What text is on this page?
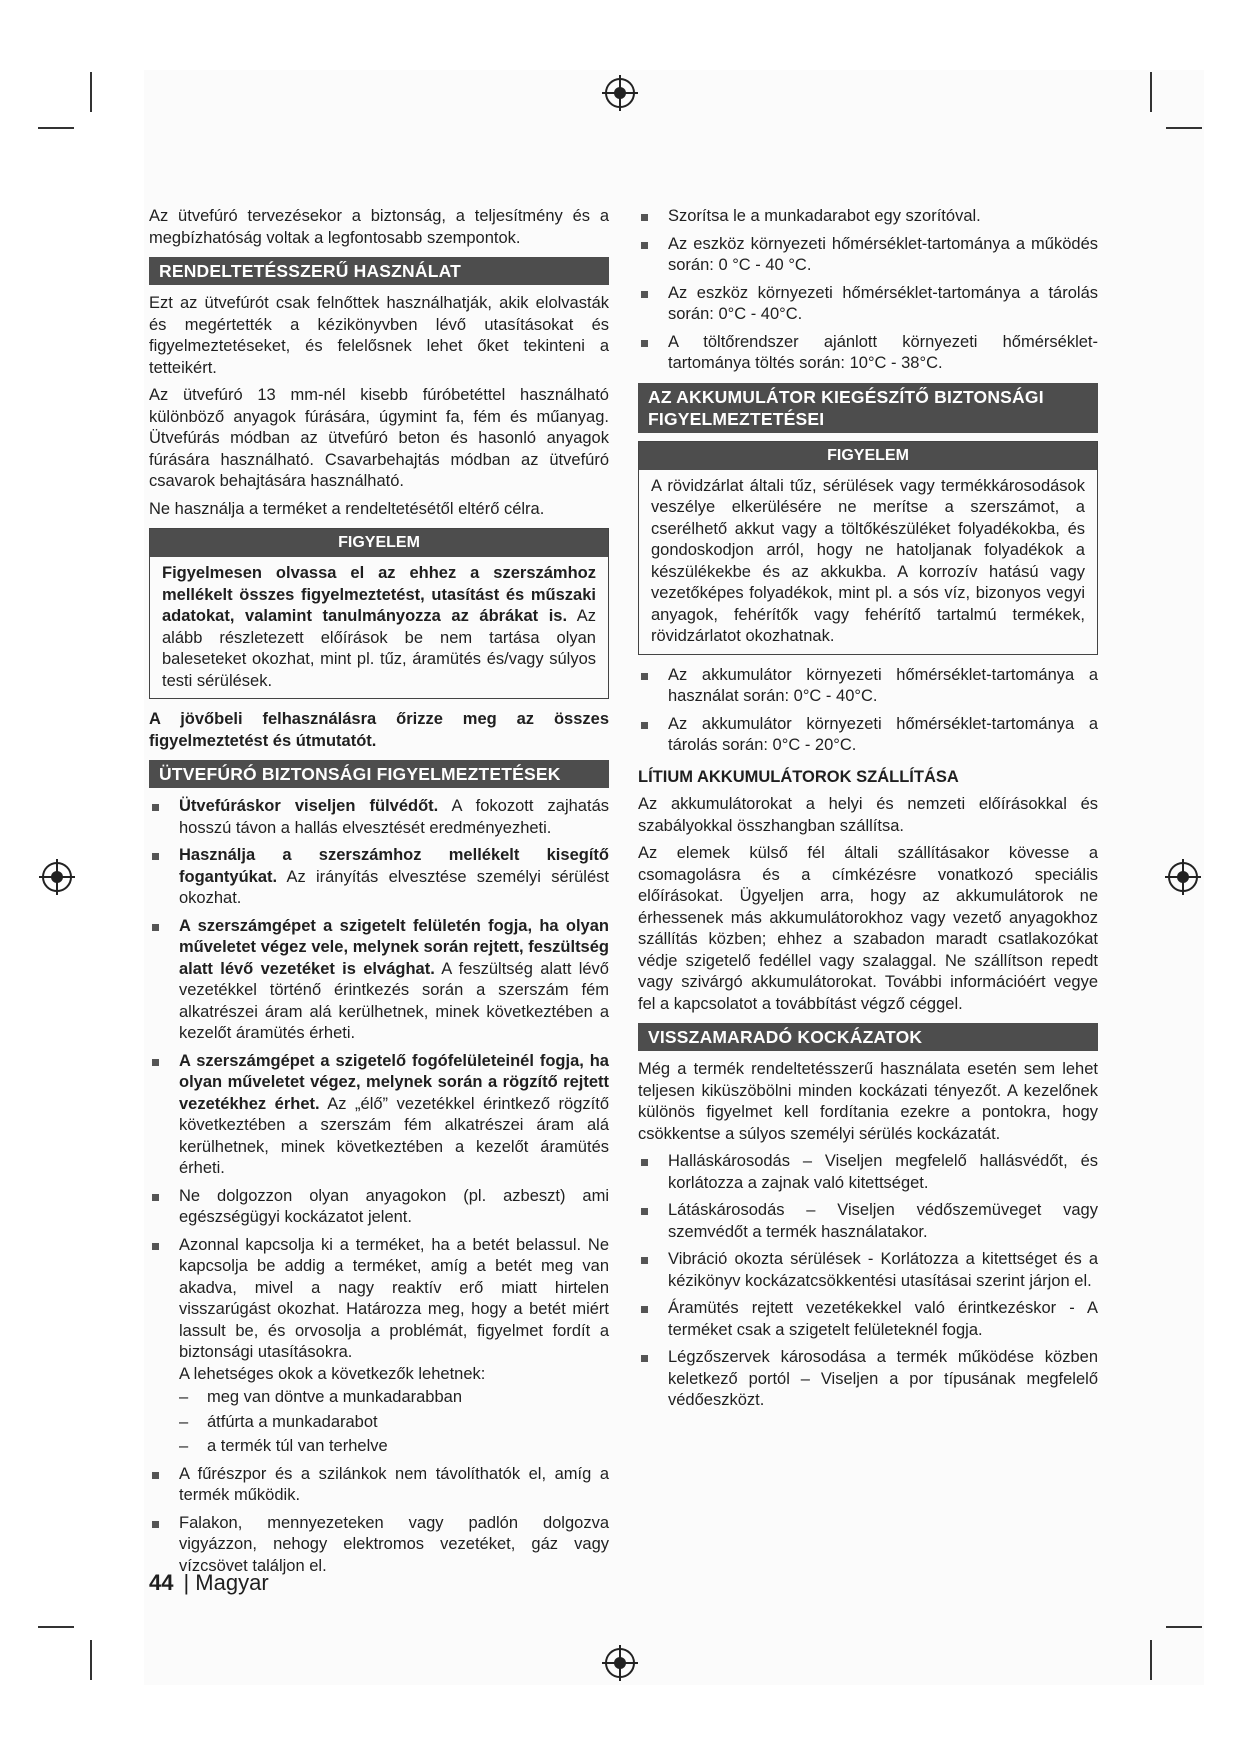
Az ütvefúró tervezésekor a biztonság, a teljesítmény és a megbízhatóság voltak a legfontosabb szempontok.

RENDELTETÉSSZERŰ HASZNÁLAT

Ezt az ütvefúrót csak felnőttek használhatják, akik elolvasták és megértették a kézikönyvben lévő utasításokat és figyelmeztetéseket, és felelősnek lehet őket tekinteni a tetteikért.

Az ütvefúró 13 mm-nél kisebb fúróbetéttel használható különböző anyagok fúrására, úgymint fa, fém és műanyag. Ütvefúrás módban az ütvefúró beton és hasonló anyagok fúrására használható. Csavarbehajtás módban az ütvefúró csavarok behajtására használható.

Ne használja a terméket a rendeltetésétől eltérő célra.

FIGYELEM

Figyelmesen olvassa el az ehhez a szerszámhoz mellékelt összes figyelmeztetést, utasítást és műszaki adatokat, valamint tanulmányozza az ábrákat is. Az alább részletezett előírások be nem tartása olyan baleseteket okozhat, mint pl. tűz, áramütés és/vagy súlyos testi sérülések.

A jövőbeli felhasználásra őrizze meg az összes figyelmeztetést és útmutatót.

ÜTVEFÚRÓ BIZTONSÁGI FIGYELMEZTETÉSEK
Ütvefúráskor viseljen fülvédőt. A fokozott zajhatás hosszú távon a hallás elvesztését eredményezheti.
Használja a szerszámhoz mellékelt kisegítő fogantyúkat. Az irányítás elvesztése személyi sérülést okozhat.
A szerszámgépet a szigetelt felületén fogja, ha olyan műveletet végez vele, melynek során rejtett, feszültség alatt lévő vezetéket is elvághat. A feszültség alatt lévő vezetékkel történő érintkezés során a szerszám fém alkatrészei áram alá kerülhetnek, minek következtében a kezelőt áramütés érheti.
A szerszámgépet a szigetelő fogófelületeinél fogja, ha olyan műveletet végez, melynek során a rögzítő rejtett vezetékhez érhet. Az „élő” vezetékkel érintkező rögzítő következtében a szerszám fém alkatrészei áram alá kerülhetnek, minek következtében a kezelőt áramütés érheti.
Ne dolgozzon olyan anyagokon (pl. azbeszt) ami egészségügyi kockázatot jelent.
Azonnal kapcsolja ki a terméket, ha a betét belassul. Ne kapcsolja be addig a terméket, amíg a betét meg van akadva, mivel a nagy reaktív erő miatt hirtelen visszarúgást okozhat. Határozza meg, hogy a betét miért lassult be, és orvosolja a problémát, figyelmet fordít a biztonsági utasításokra.
A lehetséges okok a következők lehetnek:
– meg van döntve a munkadarabban
– átfúrta a munkadarabot
– a termék túl van terhelve
A fűrészpor és a szilánkok nem távolíthatók el, amíg a termék működik.
Falakon, mennyezeteken vagy padlón dolgozva vigyázzon, nehogy elektromos vezetéket, gáz vagy vízcsövet találjon el.
Szorítsa le a munkadarabot egy szorítóval.
Az eszköz környezeti hőmérséklet-tartománya a működés során: 0 °C - 40 °C.
Az eszköz környezeti hőmérséklet-tartománya a tárolás során: 0°C - 40°C.
A töltőrendszer ajánlott környezeti hőmérséklet-tartománya töltés során: 10°C - 38°C.
AZ AKKUMULÁTOR KIEGÉSZÍTŐ BIZTONSÁGI FIGYELMEZTETÉSEI
FIGYELEM

A rövidzárlat általi tűz, sérülések vagy termékkárosodások veszélye elkerülésére ne merítse a szerszámot, a cserélhető akkut vagy a töltőkészüléket folyadékokba, és gondoskodjon arról, hogy ne hatoljanak folyadékok a készülékekbe és az akkukba. A korrozív hatású vagy vezetőképes folyadékok, mint pl. a sós víz, bizonyos vegyi anyagok, fehérítők vagy fehérítő tartalmú termékek, rövidzárlatot okozhatnak.

Az akkumulátor környezeti hőmérséklet-tartománya a használat során: 0°C - 40°C.
Az akkumulátor környezeti hőmérséklet-tartománya a tárolás során: 0°C - 20°C.
LÍTIUM AKKUMULÁTOROK SZÁLLÍTÁSA

Az akkumulátorokat a helyi és nemzeti előírásokkal és szabályokkal összhangban szállítsa.

Az elemek külső fél általi szállításakor kövesse a csomagolásra és a címkézésre vonatkozó speciális előírásokat. Ügyeljen arra, hogy az akkumulátorok ne érhessenek más akkumulátorokhoz vagy vezető anyagokhoz szállítás közben; ehhez a szabadon maradt csatlakozókat védje szigetelő fedéllel vagy szalaggal. Ne szállítson repedt vagy szivárgó akkumulátorokat. További információért vegye fel a kapcsolatot a továbbítást végző céggel.

VISSZAMARADÓ KOCKÁZATOK

Még a termék rendeltetésszerű használata esetén sem lehet teljesen kiküszöbölni minden kockázati tényezőt. A kezelőnek különös figyelmet kell fordítania ezekre a pontokra, hogy csökkentse a súlyos személyi sérülés kockázatát.

Halláskárosodás – Viseljen megfelelő hallásvédőt, és korlátozza a zajnak való kitettséget.
Látáskárosodás – Viseljen védőszemüveget vagy szemvédőt a termék használatakor.
Vibráció okozta sérülések - Korlátozza a kitettséget és a kézikönyv kockázatcsökkentési utasításai szerint járjon el.
Áramütés rejtett vezetékekkel való érintkezéskor - A terméket csak a szigetelt felületeknél fogja.
Légzőszervek károsodása a termék működése közben keletkező portól – Viseljen a por típusának megfelelő védőeszközt.
44 | Magyar
